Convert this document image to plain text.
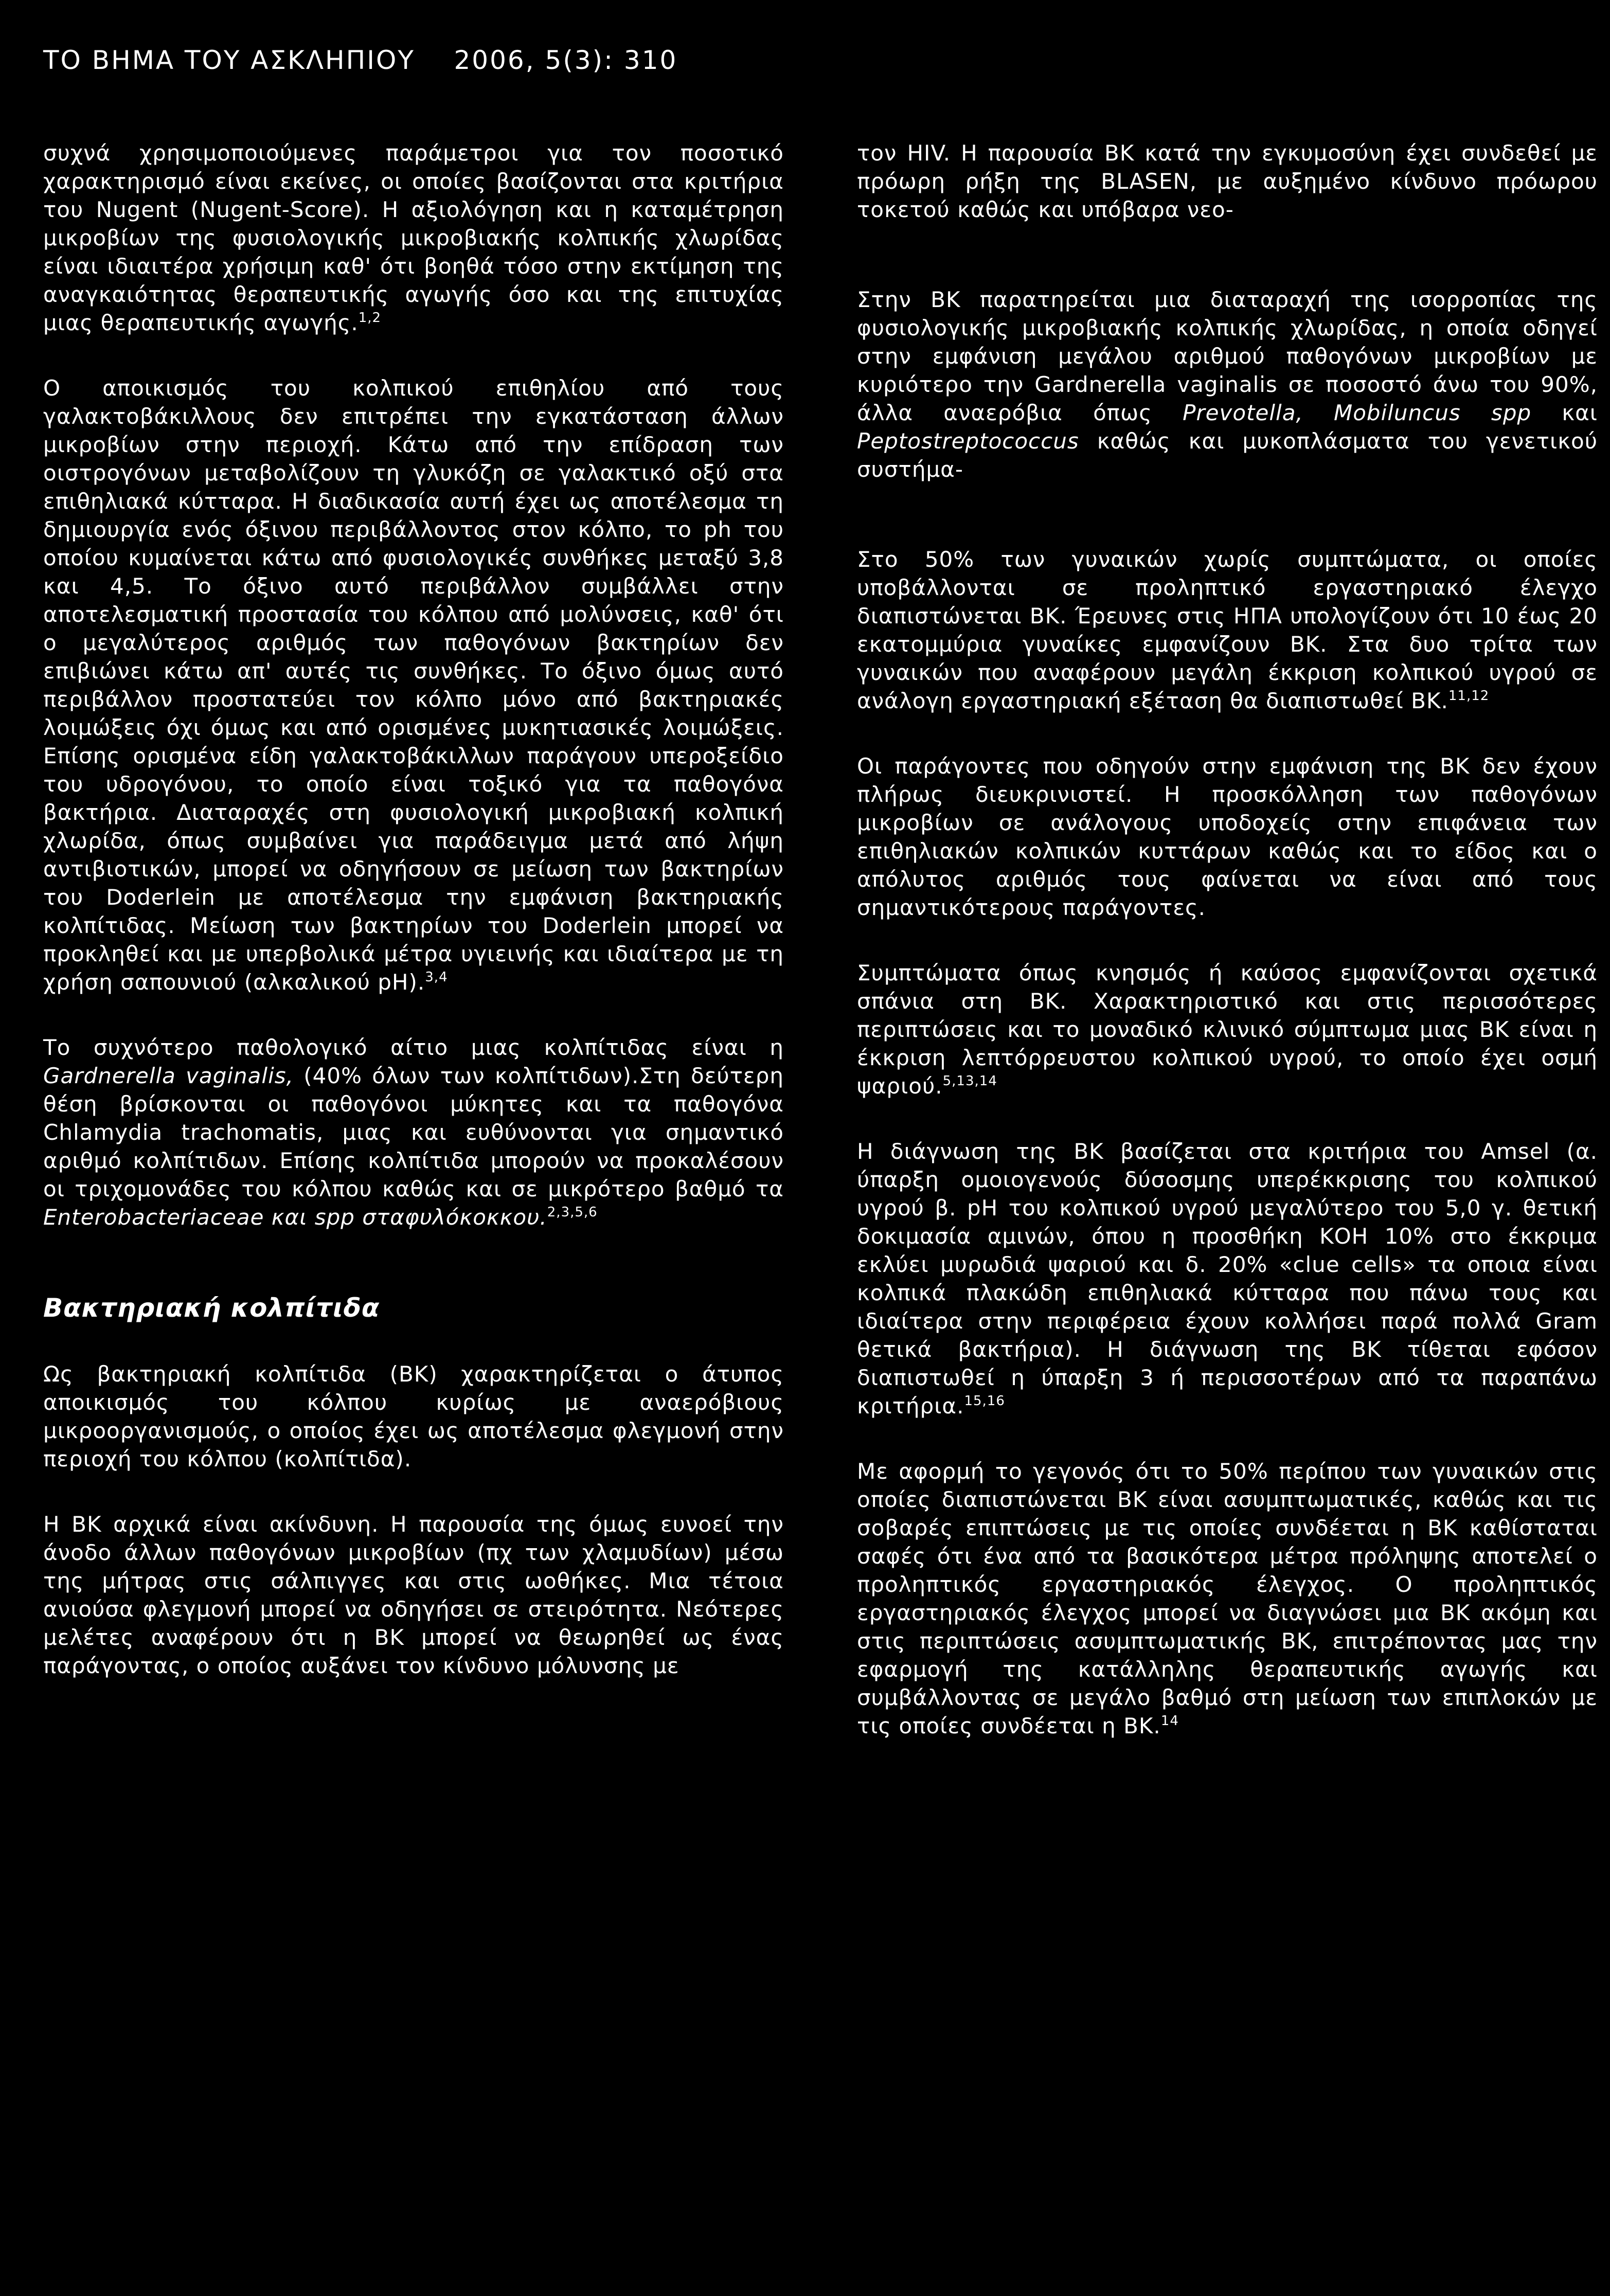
ΤΟ ΒΗΜΑ ΤΟΥ ΑΣΚΛΗΠΙΟΥ 2006, 5(3): 310

συχνά χρησιμοποιούμενες παράμετροι για τον ποσοτικό χαρακτηρισμό είναι εκείνες, οι οποίες βασίζονται στα κριτήρια του Nugent (Nugent-Score). Η αξιολόγηση και η καταμέτρηση μικροβίων της φυσιολογικής μικροβιακής κολπικής χλωρίδας είναι ιδιαιτέρα χρήσιμη καθ' ότι βοηθά τόσο στην εκτίμηση της αναγκαιότητας θεραπευτικής αγωγής όσο και της επιτυχίας μιας θεραπευτικής αγωγής.$^{1,2}$

Ο αποικισμός του κολπικού επιθηλίου από τους γαλακτοβάκιλλους δεν επιτρέπει την εγκατάσταση άλλων μικροβίων στην περιοχή. Κάτω από την επίδραση των οιστρογόνων μεταβολίζουν τη γλυκόζη σε γαλακτικό οξύ στα επιθηλιακά κύτταρα. Η διαδικασία αυτή έχει ως αποτέλεσμα τη δημιουργία ενός όξινου περιβάλλοντος στον κόλπο, το ph του οποίου κυμαίνεται κάτω από φυσιολογικές συνθήκες μεταξύ 3,8 και 4,5. Το όξινο αυτό περιβάλλον συμβάλλει στην αποτελεσματική προστασία του κόλπου από μολύνσεις, καθ' ότι ο μεγαλύτερος αριθμός των παθογόνων βακτηρίων δεν επιβιώνει κάτω απ' αυτές τις συνθήκες. Το όξινο όμως αυτό περιβάλλον προστατεύει τον κόλπο μόνο από βακτηριακές λοιμώξεις όχι όμως και από ορισμένες μυκητιασικές λοιμώξεις. Επίσης ορισμένα είδη γαλακτοβάκιλλων παράγουν υπεροξείδιο του υδρογόνου, το οποίο είναι τοξικό για τα παθογόνα βακτήρια. Διαταραχές στη φυσιολογική μικροβιακή κολπική χλωρίδα, όπως συμβαίνει για παράδειγμα μετά από λήψη αντιβιοτικών, μπορεί να οδηγήσουν σε μείωση των βακτηρίων του Doderlein με αποτέλεσμα την εμφάνιση βακτηριακής κολπίτιδας. Μείωση των βακτηρίων του Doderlein μπορεί να προκληθεί και με υπερβολικά μέτρα υγιεινής και ιδιαίτερα με τη χρήση σαπουνιού (αλκαλικού pH).$^{3,4}$

Το συχνότερο παθολογικό αίτιο μιας κολπίτιδας είναι η Gardnerella vaginalis, (40% όλων των κολπίτιδων).Στη δεύτερη θέση βρίσκονται οι παθογόνοι μύκητες και τα παθογόνα Chlamydia trachomatis, μιας και ευθύνονται για σημαντικό αριθμό κολπίτιδων. Επίσης κολπίτιδα μπορούν να προκαλέσουν οι τριχομονάδες του κόλπου καθώς και σε μικρότερο βαθμό τα Enterobacteriaceae και spp σταφυλόκοκκου.$^{2,3,5,6}$

Βακτηριακή κολπίτιδα

Ως βακτηριακή κολπίτιδα (ΒΚ) χαρακτηρίζεται ο άτυπος αποικισμός του κόλπου κυρίως με αναερόβιους μικροοργανισμούς, ο οποίος έχει ως αποτέλεσμα φλεγμονή στην περιοχή του κόλπου (κολπίτιδα).

Η ΒΚ αρχικά είναι ακίνδυνη. Η παρουσία της όμως ευνοεί την άνοδο άλλων παθογόνων μικροβίων (πχ των χλαμυδίων) μέσω της μήτρας στις σάλπιγγες και στις ωοθήκες. Μια τέτοια ανιούσα φλεγμονή μπορεί να οδηγήσει σε στειρότητα. Νεότερες μελέτες αναφέρουν ότι η ΒΚ μπορεί να θεωρηθεί ως ένας παράγοντας, ο οποίος αυξάνει τον κίνδυνο μόλυνσης με

τον HIV. Η παρουσία ΒΚ κατά την εγκυμοσύνη έχει συνδεθεί με πρόωρη ρήξη της BLASEN, με αυξημένο κίνδυνο πρόωρου τοκετού καθώς και υπόβαρα νεο-

Στην ΒΚ παρατηρείται μια διαταραχή της ισορροπίας της φυσιολογικής μικροβιακής κολπικής χλωρίδας, η οποία οδηγεί στην εμφάνιση μεγάλου αριθμού παθογόνων μικροβίων με κυριότερο την Gardnerella vaginalis σε ποσοστό άνω του 90%, άλλα αναερόβια όπως Prevotella, Mobiluncus spp και Peptostreptococcus καθώς και μυκοπλάσματα του γενετικού συστήμα-

Στο 50% των γυναικών χωρίς συμπτώματα, οι οποίες υποβάλλονται σε προληπτικό εργαστηριακό έλεγχο διαπιστώνεται ΒΚ. Έρευνες στις ΗΠΑ υπολογίζουν ότι 10 έως 20 εκατομμύρια γυναίκες εμφανίζουν ΒΚ. Στα δυο τρίτα των γυναικών που αναφέρουν μεγάλη έκκριση κολπικού υγρού σε ανάλογη εργαστηριακή εξέταση θα διαπιστωθεί ΒΚ.$^{11,12}$

Οι παράγοντες που οδηγούν στην εμφάνιση της ΒΚ δεν έχουν πλήρως διευκρινιστεί. Η προσκόλληση των παθογόνων μικροβίων σε ανάλογους υποδοχείς στην επιφάνεια των επιθηλιακών κολπικών κυττάρων καθώς και το είδος και ο απόλυτος αριθμός τους φαίνεται να είναι από τους σημαντικότερους παράγοντες.

Συμπτώματα όπως κνησμός ή καύσος εμφανίζονται σχετικά σπάνια στη ΒΚ. Χαρακτηριστικό και στις περισσότερες περιπτώσεις και το μοναδικό κλινικό σύμπτωμα μιας ΒΚ είναι η έκκριση λεπτόρρευστου κολπικού υγρού, το οποίο έχει οσμή ψαριού.$^{5,13,14}$

Η διάγνωση της ΒΚ βασίζεται στα κριτήρια του Amsel (α. ύπαρξη ομοιογενούς δύσοσμης υπερέκκρισης του κολπικού υγρού β. pH του κολπικού υγρού μεγαλύτερο του 5,0 γ. θετική δοκιμασία αμινών, όπου η προσθήκη ΚΟΗ 10% στο έκκριμα εκλύει μυρωδιά ψαριού και δ. 20% «clue cells» τα οποια είναι κολπικά πλακώδη επιθηλιακά κύτταρα που πάνω τους και ιδιαίτερα στην περιφέρεια έχουν κολλήσει παρά πολλά Gram θετικά βακτήρια). Η διάγνωση της ΒΚ τίθεται εφόσον διαπιστωθεί η ύπαρξη 3 ή περισσοτέρων από τα παραπάνω κριτήρια.$^{15,16}$

Με αφορμή το γεγονός ότι το 50% περίπου των γυναικών στις οποίες διαπιστώνεται ΒΚ είναι ασυμπτωματικές, καθώς και τις σοβαρές επιπτώσεις με τις οποίες συνδέεται η ΒΚ καθίσταται σαφές ότι ένα από τα βασικότερα μέτρα πρόληψης αποτελεί ο προληπτικός εργαστηριακός έλεγχος. Ο προληπτικός εργαστηριακός έλεγχος μπορεί να διαγνώσει μια ΒΚ ακόμη και στις περιπτώσεις ασυμπτωματικής ΒΚ, επιτρέποντας μας την εφαρμογή της κατάλληλης θεραπευτικής αγωγής και συμβάλλοντας σε μεγάλο βαθμό στη μείωση των επιπλοκών με τις οποίες συνδέεται η ΒΚ.$^{14}$
